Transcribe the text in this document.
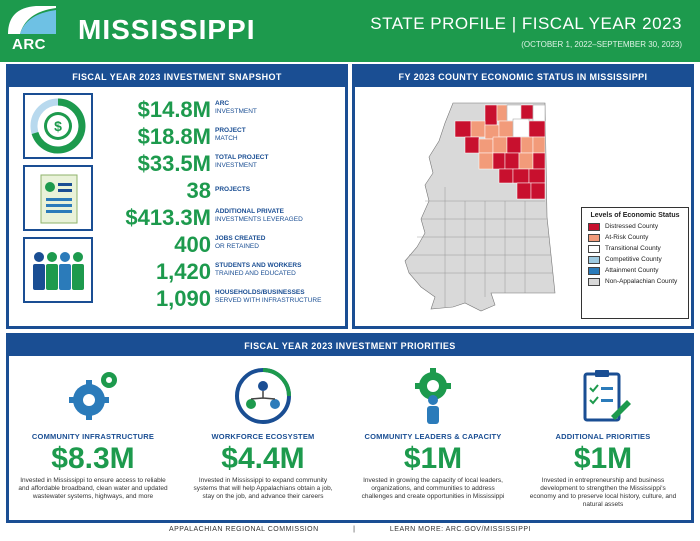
ARC MISSISSIPPI	STATE PROFILE | FISCAL YEAR 2023
(OCTOBER 1, 2022–SEPTEMBER 30, 2023)
FISCAL YEAR 2023 INVESTMENT SNAPSHOT
$
$14.8M ARC
INVESTMENT
$18.8M PROJECT
MATCH
$33.5M TOTAL PROJECT
INVESTMENT
38 PROJECTS
$413.3M ADDITIONAL PRIVATE
INVESTMENTS LEVERAGED
400 JOBS CREATED
OR RETAINED
1,420 STUDENTS AND WORKERS
TRAINED AND EDUCATED
1,090 HOUSEHOLDS/BUSINESSES
SERVED WITH INFRASTRUCTURE
FY 2023 COUNTY ECONOMIC STATUS IN MISSISSIPPI
Levels of Economic Status
Distressed County
At-Risk County
Transitional County
Competitive County
Attainment County
Non-Appalachian County
FISCAL YEAR 2023 INVESTMENT PRIORITIES
COMMUNITY INFRASTRUCTURE
$8.3M
Invested in Mississippi to ensure access to reliable and affordable broadband, clean water and updated wastewater systems, highways, and more
WORKFORCE ECOSYSTEM
$4.4M
Invested in Mississippi to expand community systems that will help Appalachians obtain a job, stay on the job, and advance their careers
COMMUNITY LEADERS & CAPACITY
$1M
Invested in growing the capacity of local leaders, organizations, and communities to address challenges and create opportunities in Mississippi
ADDITIONAL PRIORITIES
$1M
Invested in entrepreneurship and business development to strengthen the Mississippi's economy and to preserve local history, culture, and natural assets
APPALACHIAN REGIONAL COMMISSION	|	LEARN MORE: ARC.GOV/MISSISSIPPI
